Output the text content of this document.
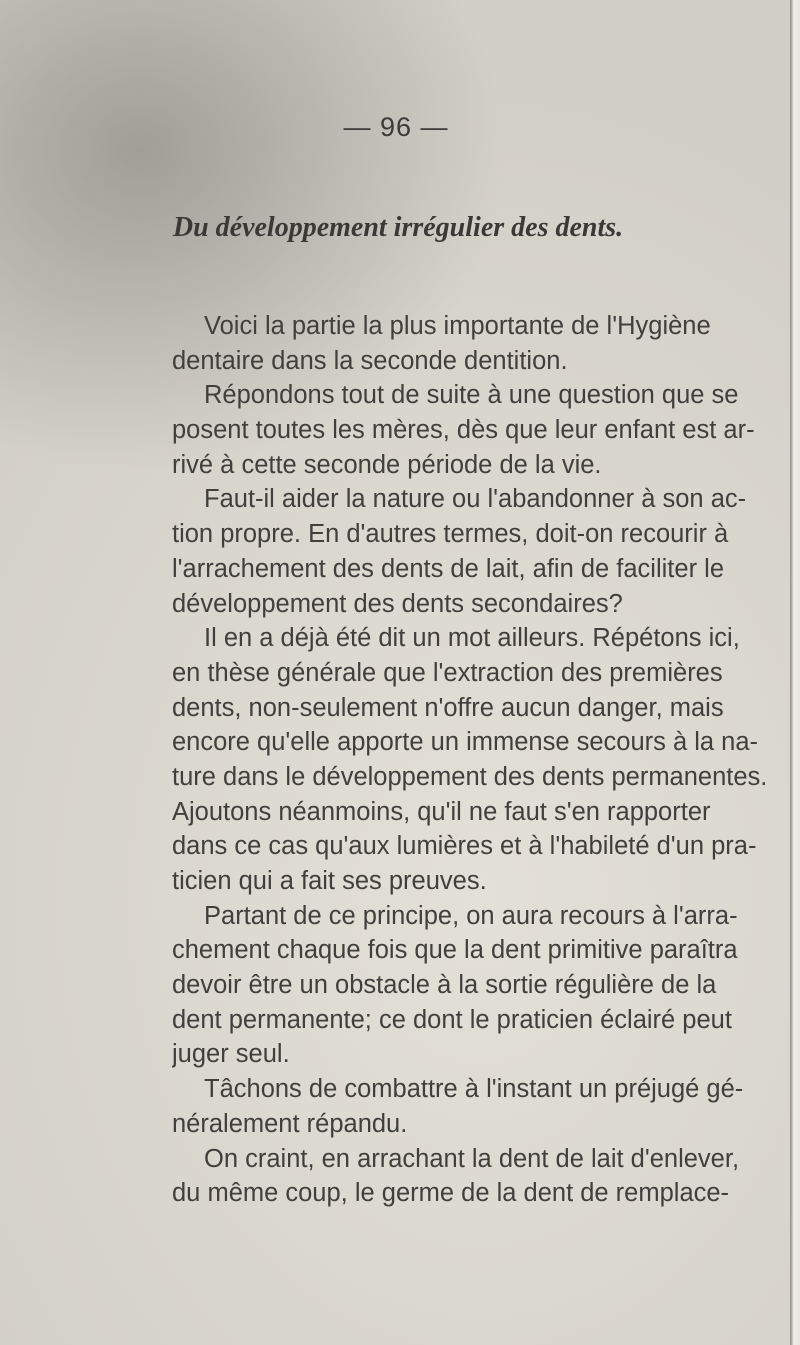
— 96 —
Du développement irrégulier des dents.
Voici la partie la plus importante de l'Hygiène
dentaire dans la seconde dentition.
Répondons tout de suite à une question que se
posent toutes les mères, dès que leur enfant est ar-
rivé à cette seconde période de la vie.
Faut-il aider la nature ou l'abandonner à son ac-
tion propre. En d'autres termes, doit-on recourir à
l'arrachement des dents de lait, afin de faciliter le
développement des dents secondaires?
Il en a déjà été dit un mot ailleurs. Répétons ici,
en thèse générale que l'extraction des premières
dents, non-seulement n'offre aucun danger, mais
encore qu'elle apporte un immense secours à la na-
ture dans le développement des dents permanentes.
Ajoutons néanmoins, qu'il ne faut s'en rapporter
dans ce cas qu'aux lumières et à l'habileté d'un pra-
ticien qui a fait ses preuves.
Partant de ce principe, on aura recours à l'arra-
chement chaque fois que la dent primitive paraîtra
devoir être un obstacle à la sortie régulière de la
dent permanente; ce dont le praticien éclairé peut
juger seul.
Tâchons de combattre à l'instant un préjugé gé-
néralement répandu.
On craint, en arrachant la dent de lait d'enlever,
du même coup, le germe de la dent de remplace-
